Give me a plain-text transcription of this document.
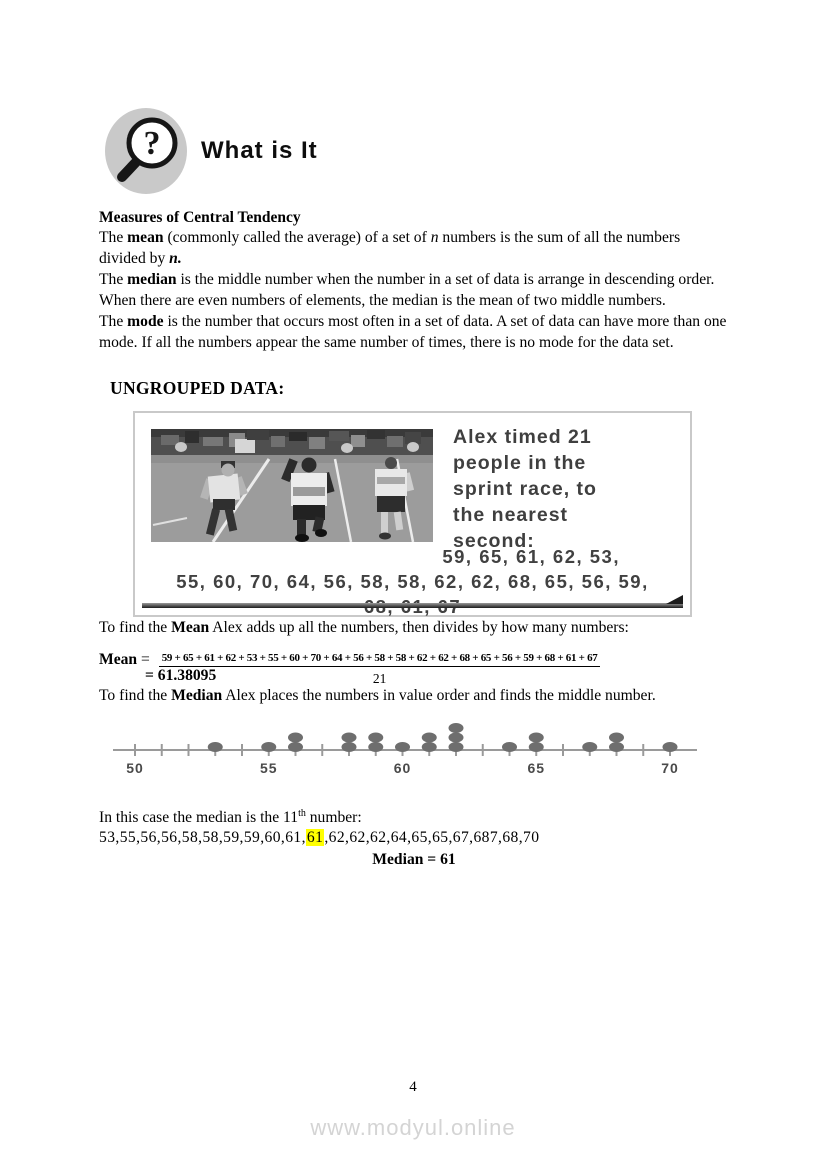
? What is It
Measures of Central Tendency

The mean (commonly called the average) of a set of n numbers is the sum of all the numbers divided by n.

The median is the middle number when the number in a set of data is arrange in descending order. When there are even numbers of elements, the median is the mean of two middle numbers.

The mode is the number that occurs most often in a set of data. A set of data can have more than one mode. If all the numbers appear the same number of times, there is no mode for the data set.

UNGROUPED DATA:
Alex timed 21
people in the
sprint race, to
the nearest
second:
59, 65, 61, 62, 53,
55, 60, 70, 64, 56, 58, 58, 62, 62, 68, 65, 56, 59,

To find the Mean Alex adds up all the numbers, then divides by how many numbers:

Mean = 59 + 65 + 61 + 62 + 53 + 55 + 60 + 70 + 64 + 56 + 58 + 58 + 62 + 62 + 68 + 65 + 56 + 59 + 68 + 61 + 67
21
= 61.38095

To find the Median Alex places the numbers in value order and finds the middle number.

50	55	60	65	70
In this case the median is the 11th number:
53,55,56,56,58,58,59,59,60,61,61,62,62,62,64,65,65,67,687,68,70
Median = 61
4
www.modyul.online
